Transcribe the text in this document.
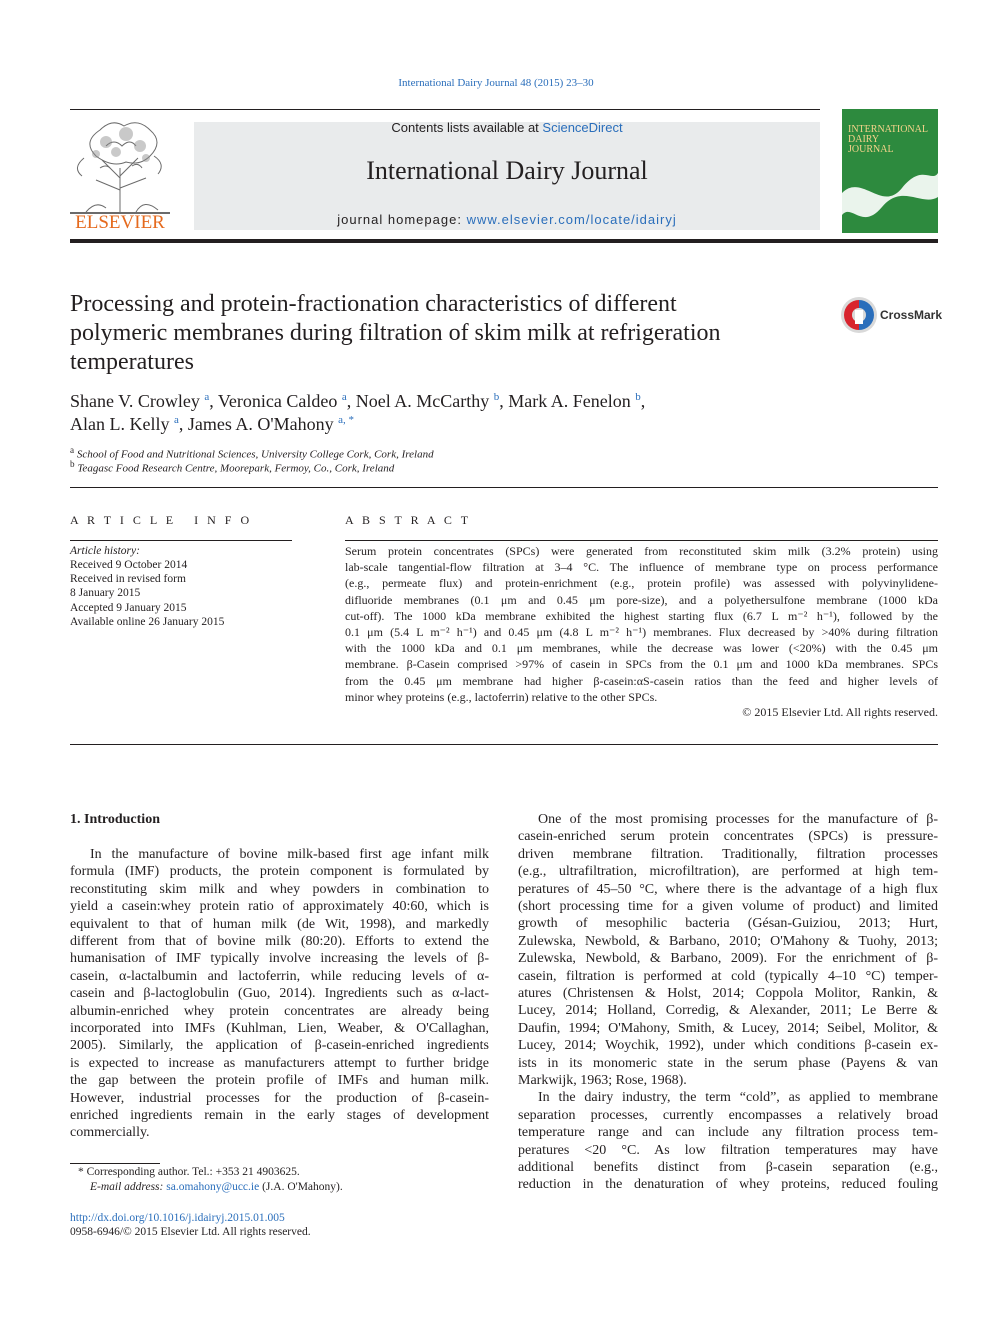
International Dairy Journal 48 (2015) 23–30
ELSEVIER
Contents lists available at ScienceDirect
International Dairy Journal
journal homepage: www.elsevier.com/locate/idairyj
INTERNATIONAL
DAIRY
JOURNAL
Processing and protein-fractionation characteristics of different
polymeric membranes during filtration of skim milk at refrigeration
temperatures
CrossMark
Shane V. Crowley $^a$, Veronica Caldeo $^a$, Noel A. McCarthy $^b$, Mark A. Fenelon $^b$,
Alan L. Kelly $^a$, James A. O'Mahony $^{a, *}$
$^a$ School of Food and Nutritional Sciences, University College Cork, Cork, Ireland
$^b$ Teagasc Food Research Centre, Moorepark, Fermoy, Co., Cork, Ireland
A R T I C L E   I N F O
Article history:
Received 9 October 2014
Received in revised form
8 January 2015
Accepted 9 January 2015
Available online 26 January 2015
A B S T R A C T
Serum protein concentrates (SPCs) were generated from reconstituted skim milk (3.2% protein) using
lab-scale tangential-flow filtration at 3–4 °C. The influence of membrane type on process performance
(e.g., permeate flux) and protein-enrichment (e.g., protein profile) was assessed with polyvinylidene-
difluoride membranes (0.1 μm and 0.45 μm pore-size), and a polyethersulfone membrane (1000 kDa
cut-off). The 1000 kDa membrane exhibited the highest starting flux (6.7 L m⁻² h⁻¹), followed by the
0.1 μm (5.4 L m⁻² h⁻¹) and 0.45 μm (4.8 L m⁻² h⁻¹) membranes. Flux decreased by >40% during filtration
with the 1000 kDa and 0.1 μm membranes, while the decrease was lower (<20%) with the 0.45 μm
membrane. β-Casein comprised >97% of casein in SPCs from the 0.1 μm and 1000 kDa membranes. SPCs
from the 0.45 μm membrane had higher β-casein:αS-casein ratios than the feed and higher levels of
minor whey proteins (e.g., lactoferrin) relative to the other SPCs.
© 2015 Elsevier Ltd. All rights reserved.
1. Introduction
In the manufacture of bovine milk-based first age infant milk
formula (IMF) products, the protein component is formulated by
reconstituting skim milk and whey powders in combination to
yield a casein:whey protein ratio of approximately 40:60, which is
equivalent to that of human milk (de Wit, 1998), and markedly
different from that of bovine milk (80:20). Efforts to extend the
humanisation of IMF typically involve increasing the levels of β-
casein, α-lactalbumin and lactoferrin, while reducing levels of α-
casein and β-lactoglobulin (Guo, 2014). Ingredients such as α-lact-
albumin-enriched whey protein concentrates are already being
incorporated into IMFs (Kuhlman, Lien, Weaber, & O'Callaghan,
2005). Similarly, the application of β-casein-enriched ingredients
is expected to increase as manufacturers attempt to further bridge
the gap between the protein profile of IMFs and human milk.
However, industrial processes for the production of β-casein-
enriched ingredients remain in the early stages of development
commercially.
One of the most promising processes for the manufacture of β-
casein-enriched serum protein concentrates (SPCs) is pressure-
driven membrane filtration. Traditionally, filtration processes
(e.g., ultrafiltration, microfiltration), are performed at high tem-
peratures of 45–50 °C, where there is the advantage of a high flux
(short processing time for a given volume of product) and limited
growth of mesophilic bacteria (Gésan-Guiziou, 2013; Hurt,
Zulewska, Newbold, & Barbano, 2010; O'Mahony & Tuohy, 2013;
Zulewska, Newbold, & Barbano, 2009). For the enrichment of β-
casein, filtration is performed at cold (typically 4–10 °C) temper-
atures (Christensen & Holst, 2014; Coppola Molitor, Rankin, &
Lucey, 2014; Holland, Corredig, & Alexander, 2011; Le Berre &
Daufin, 1994; O'Mahony, Smith, & Lucey, 2014; Seibel, Molitor, &
Lucey, 2014; Woychik, 1992), under which conditions β-casein ex-
ists in its monomeric state in the serum phase (Payens & van
Markwijk, 1963; Rose, 1968).
In the dairy industry, the term “cold”, as applied to membrane
separation processes, currently encompasses a relatively broad
temperature range and can include any filtration process tem-
peratures <20 °C. As low filtration temperatures may have
additional benefits distinct from β-casein separation (e.g.,
reduction in the denaturation of whey proteins, reduced fouling
* Corresponding author. Tel.: +353 21 4903625.
E-mail address: sa.omahony@ucc.ie (J.A. O'Mahony).
http://dx.doi.org/10.1016/j.idairyj.2015.01.005
0958-6946/© 2015 Elsevier Ltd. All rights reserved.
